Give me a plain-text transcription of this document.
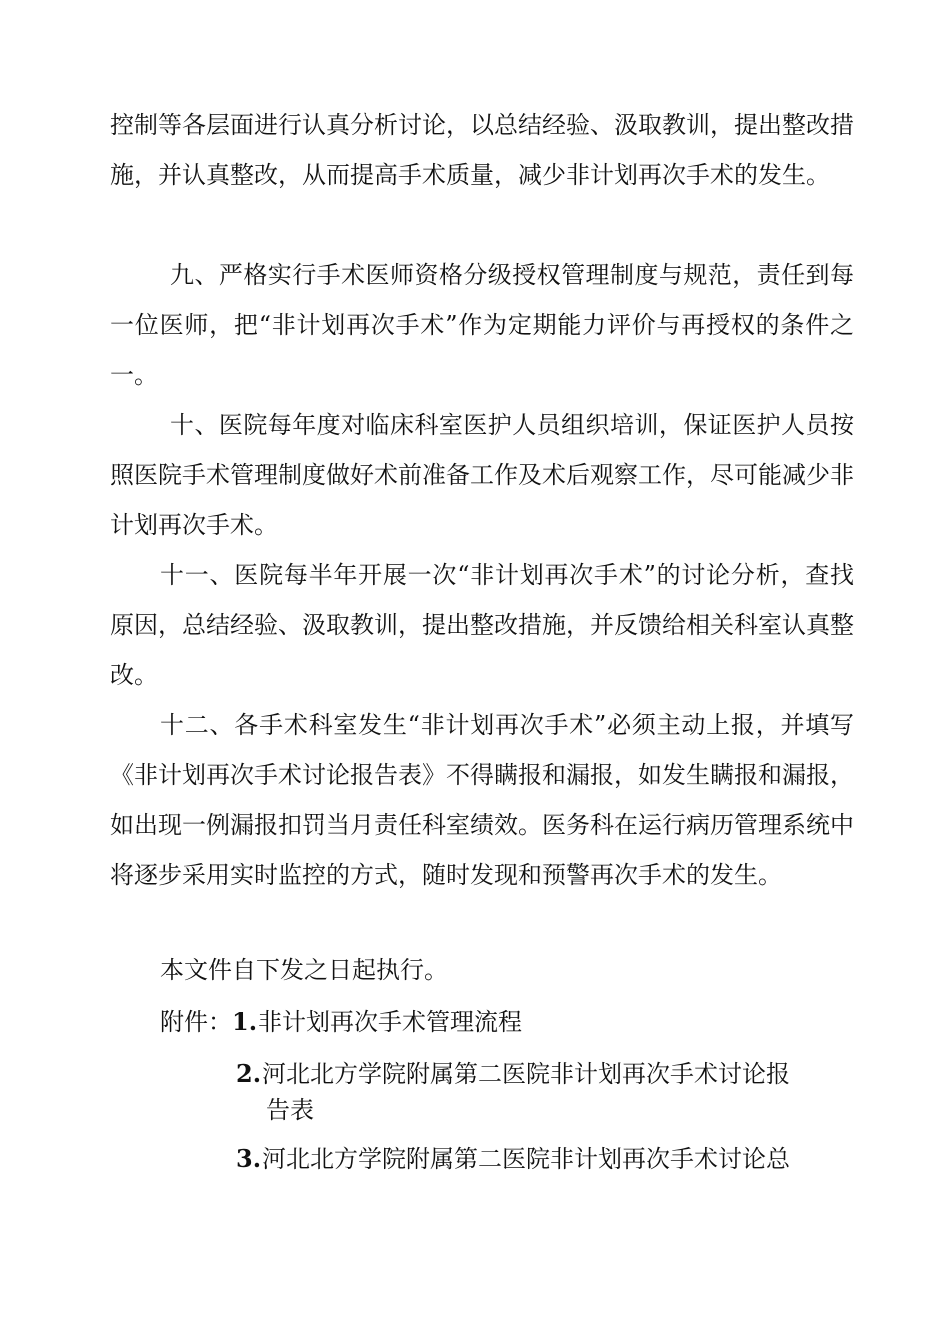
控制等各层面进行认真分析讨论，以总结经验、汲取教训，提出整改措施，并认真整改，从而提高手术质量，减少非计划再次手术的发生。
九、严格实行手术医师资格分级授权管理制度与规范，责任到每一位医师，把“非计划再次手术”作为定期能力评价与再授权的条件之一。
十、医院每年度对临床科室医护人员组织培训，保证医护人员按照医院手术管理制度做好术前准备工作及术后观察工作，尽可能减少非计划再次手术。
十一、医院每半年开展一次“非计划再次手术”的讨论分析，查找原因，总结经验、汲取教训，提出整改措施，并反馈给相关科室认真整改。
十二、各手术科室发生“非计划再次手术”必须主动上报，并填写《非计划再次手术讨论报告表》不得瞒报和漏报，如发生瞒报和漏报，如出现一例漏报扣罚当月责任科室绩效。医务科在运行病历管理系统中将逐步采用实时监控的方式，随时发现和预警再次手术的发生。
本文件自下发之日起执行。
附件： 1.非计划再次手术管理流程
2.河北北方学院附属第二医院非计划再次手术讨论报
告表
3.河北北方学院附属第二医院非计划再次手术讨论总
